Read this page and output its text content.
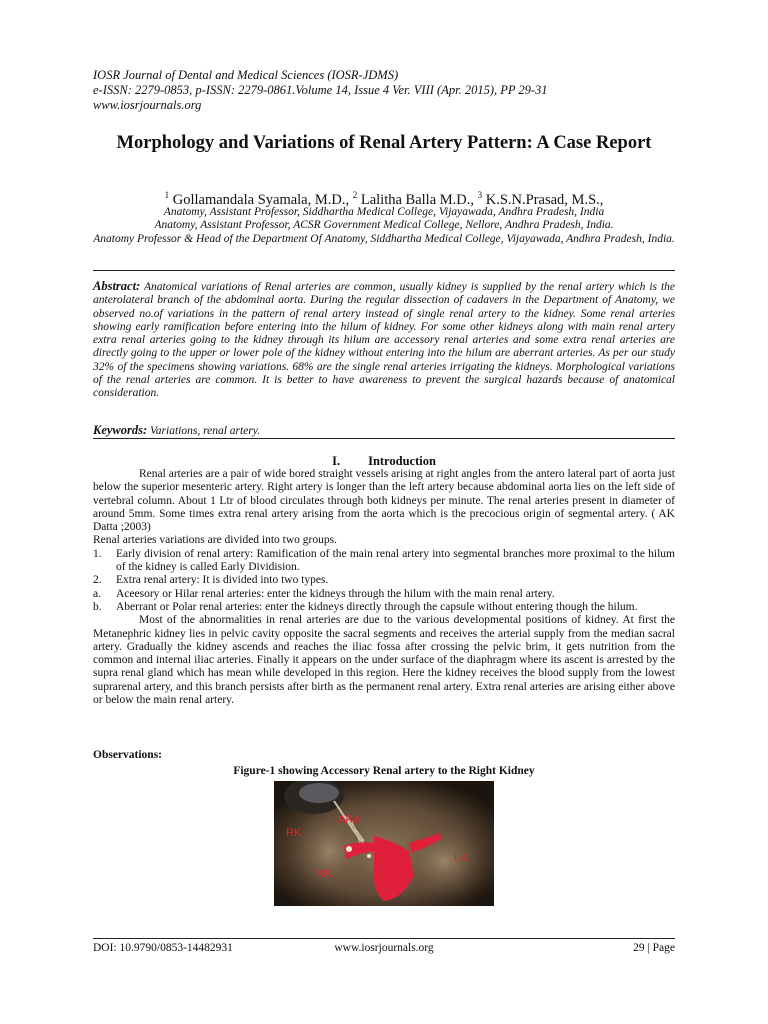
IOSR Journal of Dental and Medical Sciences (IOSR-JDMS)
e-ISSN: 2279-0853, p-ISSN: 2279-0861.Volume 14, Issue 4 Ver. VIII (Apr. 2015), PP 29-31
www.iosrjournals.org
Morphology and Variations of Renal Artery Pattern: A Case Report
$^1$ Gollamandala Syamala, M.D., $^2$ Lalitha Balla M.D., $^3$ K.S.N.Prasad, M.S.,
Anatomy, Assistant Professor, Siddhartha Medical College, Vijayawada, Andhra Pradesh, India
Anatomy, Assistant Professor, ACSR Government Medical College, Nellore, Andhra Pradesh, India.
Anatomy Professor & Head of the Department Of Anatomy, Siddhartha Medical College, Vijayawada, Andhra Pradesh, India.
Abstract: Anatomical variations of Renal arteries are common, usually kidney is supplied by the renal artery which is the anterolateral branch of the abdominal aorta. During the regular dissection of cadavers in the Department of Anatomy, we observed no.of variations in the pattern of renal artery instead of single renal artery to the kidney. Some renal arteries showing early ramification before entering into the hilum of kidney. For some other kidneys along with main renal artery extra renal arteries going to the kidney through its hilum are accessory renal arteries and some extra renal arteries are directly going to the upper or lower pole of the kidney without entering into the hilum are aberrant arteries. As per our study 32% of the specimens showing variations. 68% are the single renal arteries irrigating the kidneys. Morphological variations of the renal arteries are common. It is better to have awareness to prevent the surgical hazards because of anatomical consideration.
Keywords: Variations, renal artery.
I. Introduction

Renal arteries are a pair of wide bored straight vessels arising at right angles from the antero lateral part of aorta just below the superior mesenteric artery. Right artery is longer than the left artery because abdominal aorta lies on the left side of vertebral column. About 1 Ltr of blood circulates through both kidneys per minute. The renal arteries present in diameter of around 5mm. Some times extra renal artery arising from the aorta which is the precocious origin of segmental artery. ( AK Datta ;2003)

Renal arteries variations are divided into two groups.

1.	Early division of renal artery: Ramification of the main renal artery into segmental branches more proximal to the hilum of the kidney is called Early Dividision.
2.	Extra renal artery: It is divided into two types.
a.	Aceesory or Hilar renal arteries: enter the kidneys through the hilum with the main renal artery.
b.	Aberrant or Polar renal arteries: enter the kidneys directly through the capsule without entering though the hilum.

Most of the abnormalities in renal arteries are due to the various developmental positions of kidney. At first the Metanephric kidney lies in pelvic cavity opposite the sacral segments and receives the arterial supply from the median sacral artery. Gradually the kidney ascends and reaches the iliac fossa after crossing the pelvic brim, it gets nutrition from the common and internal iliac arteries. Finally it appears on the under surface of the diaphragm where its ascent is arrested by the supra renal gland which has mean while developed in this region. Here the kidney receives the blood supply from the lowest suprarenal artery, and this branch persists after birth as the permanent renal artery. Extra renal arteries are arising either above or below the main renal artery.

Observations:
Figure-1 showing Accessory Renal artery to the Right Kidney
RK
ARA
RA
RA
LK
DOI: 10.9790/0853-14482931	www.iosrjournals.org	29 | Page
